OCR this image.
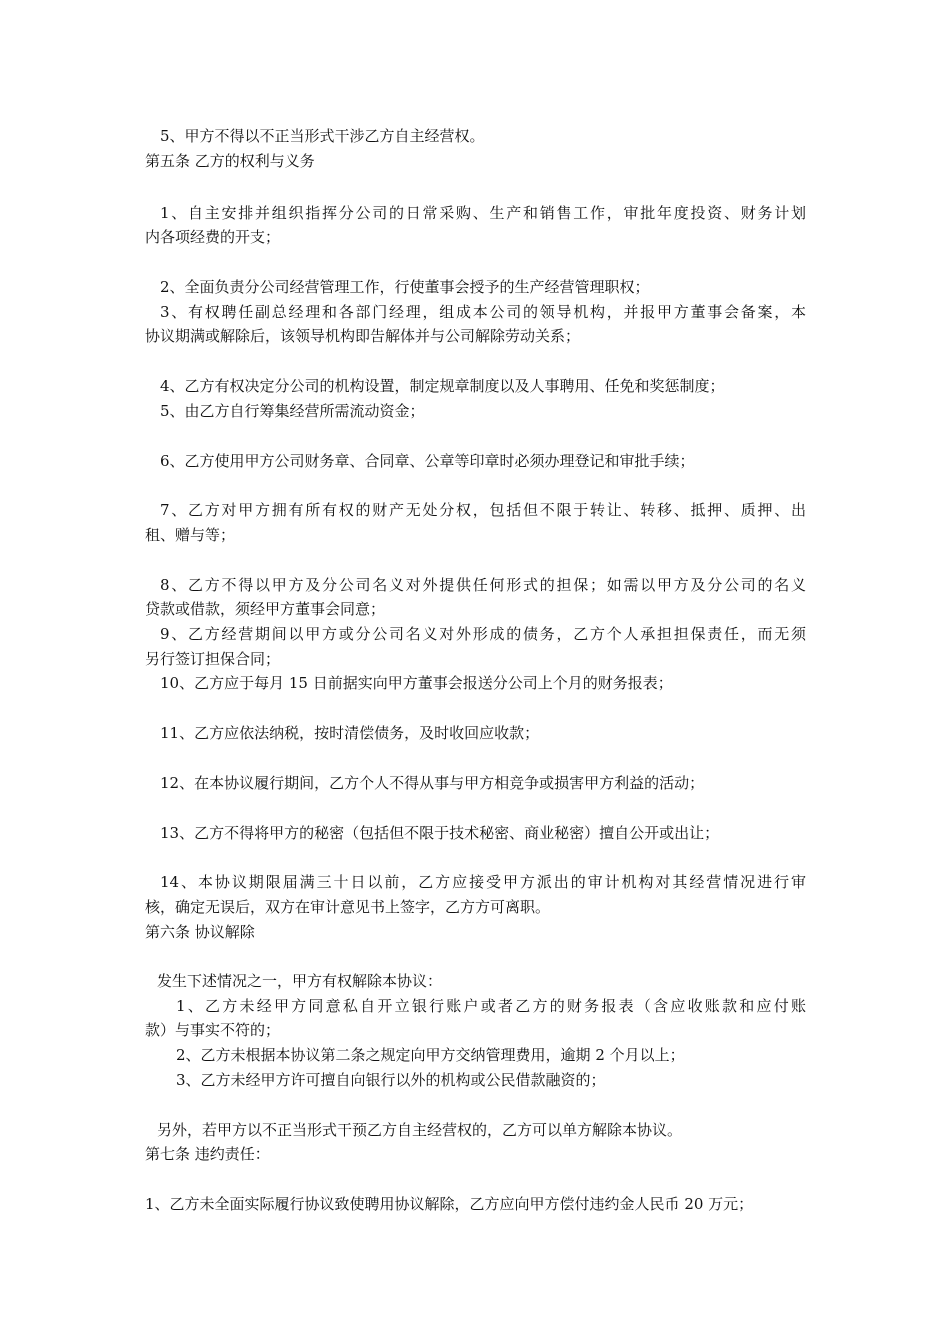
5、甲方不得以不正当形式干涉乙方自主经营权。
第五条 乙方的权利与义务
1、自主安排并组织指挥分公司的日常采购、生产和销售工作，审批年度投资、财务计划
内各项经费的开支；
2、全面负责分公司经营管理工作，行使董事会授予的生产经营管理职权；
3、有权聘任副总经理和各部门经理，组成本公司的领导机构，并报甲方董事会备案，本
协议期满或解除后，该领导机构即告解体并与公司解除劳动关系；
4、乙方有权决定分公司的机构设置，制定规章制度以及人事聘用、任免和奖惩制度；
5、由乙方自行筹集经营所需流动资金；
6、乙方使用甲方公司财务章、合同章、公章等印章时必须办理登记和审批手续；
7、乙方对甲方拥有所有权的财产无处分权，包括但不限于转让、转移、抵押、质押、出
租、赠与等；
8、乙方不得以甲方及分公司名义对外提供任何形式的担保；如需以甲方及分公司的名义
贷款或借款，须经甲方董事会同意；
9、乙方经营期间以甲方或分公司名义对外形成的债务，乙方个人承担担保责任，而无须
另行签订担保合同；
10、乙方应于每月 15 日前据实向甲方董事会报送分公司上个月的财务报表；
11、乙方应依法纳税，按时清偿债务，及时收回应收款；
12、在本协议履行期间，乙方个人不得从事与甲方相竞争或损害甲方利益的活动；
13、乙方不得将甲方的秘密（包括但不限于技术秘密、商业秘密）擅自公开或出让；
14、本协议期限届满三十日以前，乙方应接受甲方派出的审计机构对其经营情况进行审
核，确定无误后，双方在审计意见书上签字，乙方方可离职。
第六条 协议解除
发生下述情况之一，甲方有权解除本协议：
1、乙方未经甲方同意私自开立银行账户或者乙方的财务报表（含应收账款和应付账
款）与事实不符的；
2、乙方未根据本协议第二条之规定向甲方交纳管理费用，逾期 2 个月以上；
3、乙方未经甲方许可擅自向银行以外的机构或公民借款融资的；
另外，若甲方以不正当形式干预乙方自主经营权的，乙方可以单方解除本协议。
第七条 违约责任：
1、乙方未全面实际履行协议致使聘用协议解除，乙方应向甲方偿付违约金人民币 20 万元；
